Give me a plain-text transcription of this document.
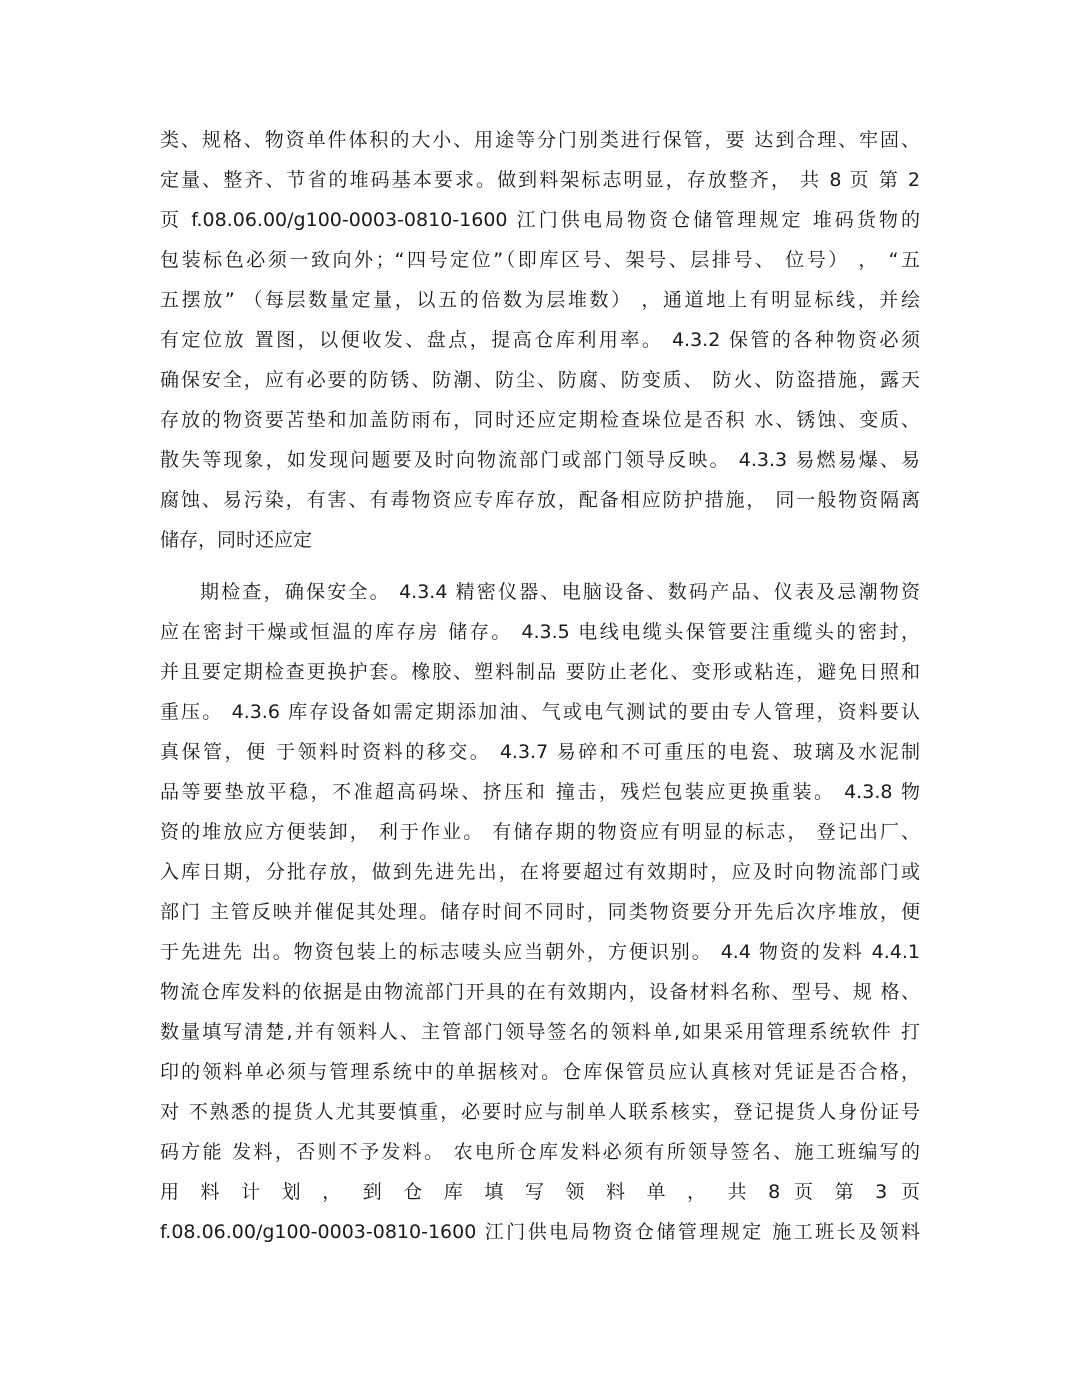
类、规格、物资单件体积的大小、用途等分门别类进行保管，要 达到合理、牢固、
定量、整齐、节省的堆码基本要求。做到料架标志明显，存放整齐， 共 8 页 第 2
页 f.08.06.00/g100-0003-0810-1600 江门供电局物资仓储管理规定 堆码货物的
包装标色必须一致向外；“四号定位”（即库区号、架号、层排号、 位号） ， “五
五摆放” （每层数量定量，以五的倍数为层堆数） ，通道地上有明显标线，并绘
有定位放 置图，以便收发、盘点，提高仓库利用率。 4.3.2 保管的各种物资必须
确保安全，应有必要的防锈、防潮、防尘、防腐、防变质、 防火、防盗措施，露天
存放的物资要苫垫和加盖防雨布，同时还应定期检查垛位是否积 水、锈蚀、变质、
散失等现象，如发现问题要及时向物流部门或部门领导反映。 4.3.3 易燃易爆、易
腐蚀、易污染，有害、有毒物资应专库存放，配备相应防护措施， 同一般物资隔离
储存，同时还应定
期检查，确保安全。 4.3.4 精密仪器、电脑设备、数码产品、仪表及忌潮物资
应在密封干燥或恒温的库存房 储存。 4.3.5 电线电缆头保管要注重缆头的密封，
并且要定期检查更换护套。橡胶、塑料制品 要防止老化、变形或粘连，避免日照和
重压。 4.3.6 库存设备如需定期添加油、气或电气测试的要由专人管理，资料要认
真保管，便 于领料时资料的移交。 4.3.7 易碎和不可重压的电瓷、玻璃及水泥制
品等要垫放平稳，不准超高码垛、挤压和 撞击，残烂包装应更换重装。 4.3.8 物
资的堆放应方便装卸， 利于作业。 有储存期的物资应有明显的标志， 登记出厂、
入库日期，分批存放，做到先进先出，在将要超过有效期时，应及时向物流部门或
部门 主管反映并催促其处理。储存时间不同时，同类物资要分开先后次序堆放，便
于先进先 出。物资包装上的标志唛头应当朝外，方便识别。 4.4 物资的发料 4.4.1
物流仓库发料的依据是由物流部门开具的在有效期内，设备材料名称、型号、规 格、
数量填写清楚,并有领料人、主管部门领导签名的领料单,如果采用管理系统软件 打
印的领料单必须与管理系统中的单据核对。仓库保管员应认真核对凭证是否合格，
对 不熟悉的提货人尤其要慎重，必要时应与制单人联系核实，登记提货人身份证号
码方能 发料，否则不予发料。 农电所仓库发料必须有所领导签名、施工班编写的
用 料 计 划 ， 到 仓 库 填 写 领 料 单 ， 共 8 页 第 3 页
f.08.06.00/g100-0003-0810-1600 江门供电局物资仓储管理规定 施工班长及领料
